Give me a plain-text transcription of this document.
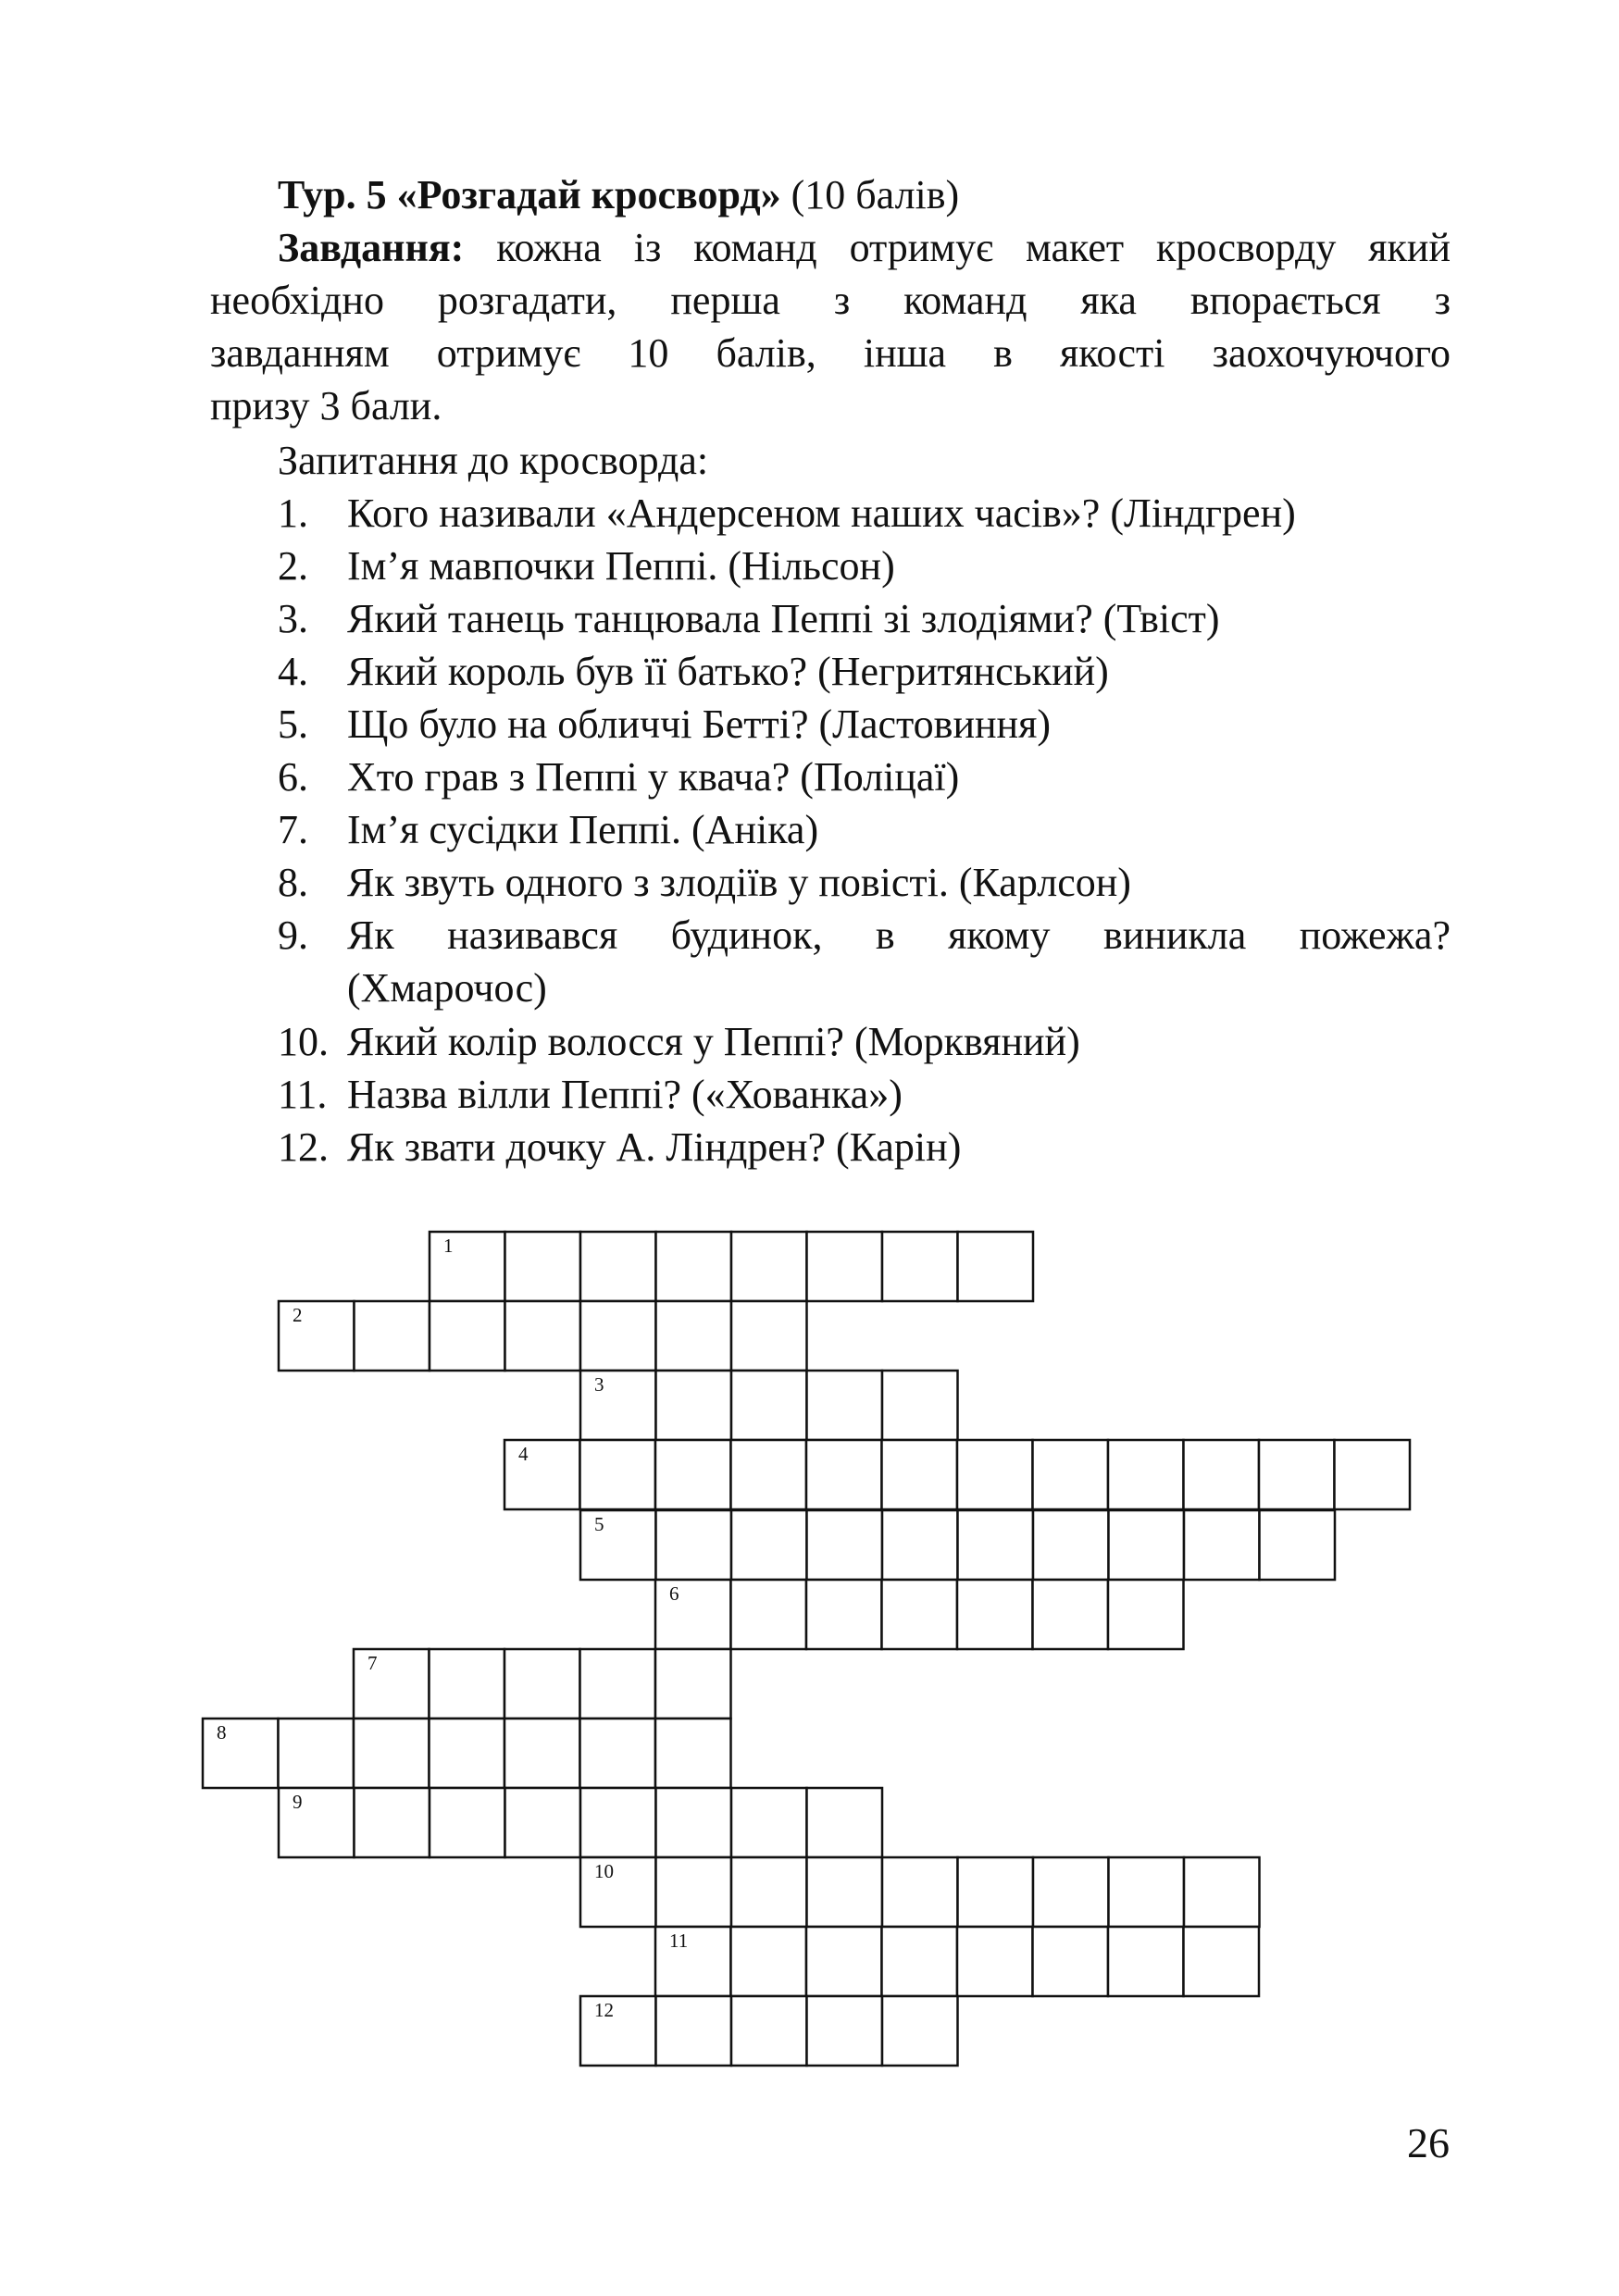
Тур. 5 «Розгадай кросворд» (10 балів)
Завдання: кожна із команд отримує макет кросворду який
необхідно розгадати, перша з команд яка впорається з
завданням отримує 10 балів, інша в якості заохочуючого
призу 3 бали.
Запитання до кросворда:
1. Кого називали «Андерсеном наших часів»? (Ліндгрен)
2. Ім’я мавпочки Пеппі. (Нільсон)
3. Який танець танцювала Пеппі зі злодіями? (Твіст)
4. Який король був її батько? (Негритянський)
5. Що було на обличчі Бетті? (Ластовиння)
6. Хто грав з Пеппі у квача? (Поліцаї)
7. Ім’я сусідки Пеппі. (Аніка)
8. Як звуть одного з злодіїв у повісті. (Карлсон)
9. Як називався будинок, в якому виникла пожежа?
(Хмарочос)
10. Який колір волосся у Пеппі? (Морквяний)
11. Назва вілли Пеппі? («Хованка»)
12. Як звати дочку А. Ліндрен? (Карін)
1
2
3
4
5
6
7
8
9
10
11
12
26
